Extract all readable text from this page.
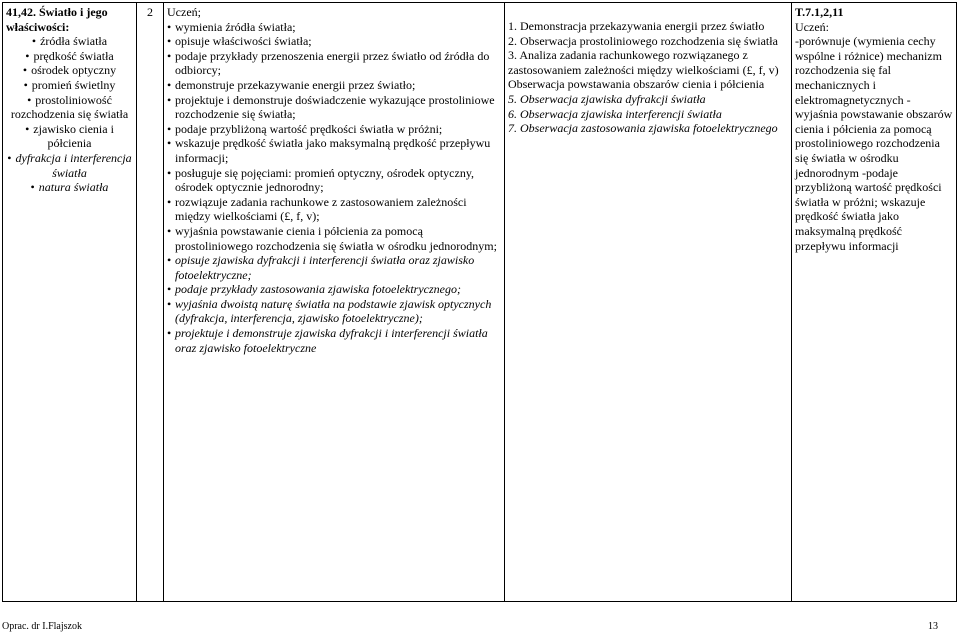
41,42. Światło i jego właściwości:
• źródła światła
• prędkość światła
• ośrodek optyczny
• promień świetlny
• prostoliniowość rozchodzenia się światła
• zjawisko cienia i półcienia
• dyfrakcja i interferencja światła
• natura światła
	2	Uczeń;
• wymienia źródła światła;
• opisuje właściwości światła;
• podaje przykłady przenoszenia energii przez światło od źródła do odbiorcy;
• demonstruje przekazywanie energii przez światło;
• projektuje i demonstruje doświadczenie wykazujące prostoliniowe rozchodzenie się światła;
• podaje przybliżoną wartość prędkości światła w próżni;
• wskazuje prędkość światła jako maksymalną prędkość przepływu informacji;
• posługuje się pojęciami: promień optyczny, ośrodek optyczny, ośrodek optycznie jednorodny;
• rozwiązuje zadania rachunkowe z zastosowaniem zależności między wielkościami (£, f, v);
• wyjaśnia powstawanie cienia i półcienia za pomocą prostoliniowego rozchodzenia się światła w ośrodku jednorodnym;
• opisuje zjawiska dyfrakcji i interferencji światła oraz zjawisko fotoelektryczne;
• podaje przykłady zastosowania zjawiska fotoelektrycznego;
• wyjaśnia dwoistą naturę światła na podstawie zjawisk optycznych (dyfrakcja, interferencja, zjawisko fotoelektryczne);
• projektuje i demonstruje zjawiska dyfrakcji i interferencji światła oraz zjawisko fotoelektryczne

1. Demonstracja przekazywania energii przez światło
2. Obserwacja prostoliniowego rozchodzenia się światła
3. Analiza zadania rachunkowego rozwiązanego z zastosowaniem zależności między wielkościami (£, f, v) Obserwacja powstawania obszarów cienia i półcienia
5. Obserwacja zjawiska dyfrakcji światła
6. Obserwacja zjawiska interferencji światła
7. Obserwacja zastosowania zjawiska fotoelektrycznego

T.7.1,2,11
Uczeń:
-porównuje (wymienia cechy wspólne i różnice) mechanizm rozchodzenia się fal mechanicznych i elektromagnetycznych -wyjaśnia powstawanie obszarów cienia i półcienia za pomocą prostoliniowego rozchodzenia się światła w ośrodku jednorodnym -podaje przybliżoną wartość prędkości światła w próżni; wskazuje prędkość światła jako maksymalną prędkość przepływu informacji
Oprac. dr I.Flajszok	13
